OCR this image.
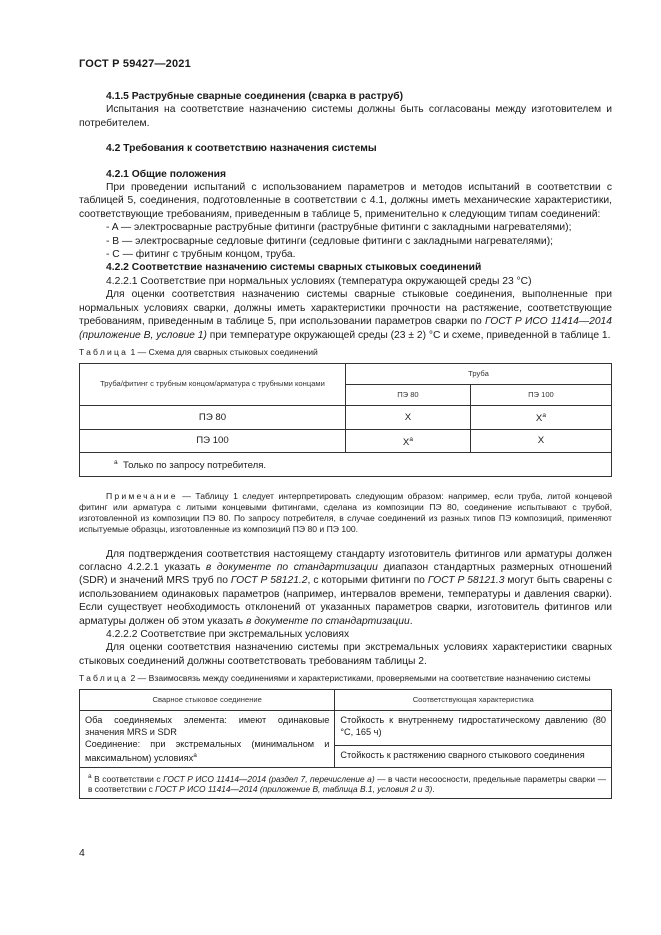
ГОСТ Р 59427—2021

4.1.5 Раструбные сварные соединения (сварка в раструб)

Испытания на соответствие назначению системы должны быть согласованы между изготовителем и потребителем.

4.2 Требования к соответствию назначения системы

4.2.1 Общие положения

При проведении испытаний с использованием параметров и методов испытаний в соответствии с таблицей 5, соединения, подготовленные в соответствии с 4.1, должны иметь механические характеристики, соответствующие требованиям, приведенным в таблице 5, применительно к следующим типам соединений:

- A — электросварные раструбные фитинги (раструбные фитинги с закладными нагревателями);

- B — электросварные седловые фитинги (седловые фитинги с закладными нагревателями);

- C — фитинг с трубным концом, труба.

4.2.2 Соответствие назначению системы сварных стыковых соединений

4.2.2.1 Соответствие при нормальных условиях (температура окружающей среды 23 °С)

Для оценки соответствия назначению системы сварные стыковые соединения, выполненные при нормальных условиях сварки, должны иметь характеристики прочности на растяжение, соответствующие требованиям, приведенным в таблице 5, при использовании параметров сварки по ГОСТ Р ИСО 11414—2014 (приложение В, условие 1) при температуре окружающей среды (23 ± 2) °С и схеме, приведенной в таблице 1.

Таблица 1 — Схема для сварных стыковых соединений

Труба/фитинг с трубным концом/арматура с трубными концами	Труба	
	ПЭ 80	ПЭ 100
ПЭ 80	X	$X^a$
ПЭ 100	$X^a$	X
$^a$ Только по запросу потребителя.		

Примечание — Таблицу 1 следует интерпретировать следующим образом: например, если труба, литой концевой фитинг или арматура с литыми концевыми фитингами, сделана из композиции ПЭ 80, соединение испытывают с трубой, изготовленной из композиции ПЭ 80. По запросу потребителя, в случае соединений из разных типов ПЭ композиций, применяют испытуемые образцы, изготовленные из композиций ПЭ 80 и ПЭ 100.

Для подтверждения соответствия настоящему стандарту изготовитель фитингов или арматуры должен согласно 4.2.2.1 указать в документе по стандартизации диапазон стандартных размерных отношений (SDR) и значений MRS труб по ГОСТ Р 58121.2, с которыми фитинги по ГОСТ Р 58121.3 могут быть сварены с использованием одинаковых параметров (например, интервалов времени, температуры и давления сварки). Если существует необходимость отклонений от указанных параметров сварки, изготовитель фитингов или арматуры должен об этом указать в документе по стандартизации.

4.2.2.2 Соответствие при экстремальных условиях

Для оценки соответствия назначению системы при экстремальных условиях характеристики сварных стыковых соединений должны соответствовать требованиям таблицы 2.

Таблица 2 — Взаимосвязь между соединениями и характеристиками, проверяемыми на соответствие назначению системы

Сварное стыковое соединение	Соответствующая характеристика
Оба соединяемых элемента: имеют одинаковые значения MRS и SDR
Соединение: при экстремальных (минимальном и максимальном) условиях$^a$	Стойкость к внутреннему гидростатическому давлению (80 °С, 165 ч)
	Стойкость к растяжению сварного стыкового соединения
$^a$ В соответствии с ГОСТ Р ИСО 11414—2014 (раздел 7, перечисление а) — в части несоосности, предельные параметры сварки — в соответствии с ГОСТ Р ИСО 11414—2014 (приложение В, таблица В.1, условия 2 и 3).	
4
